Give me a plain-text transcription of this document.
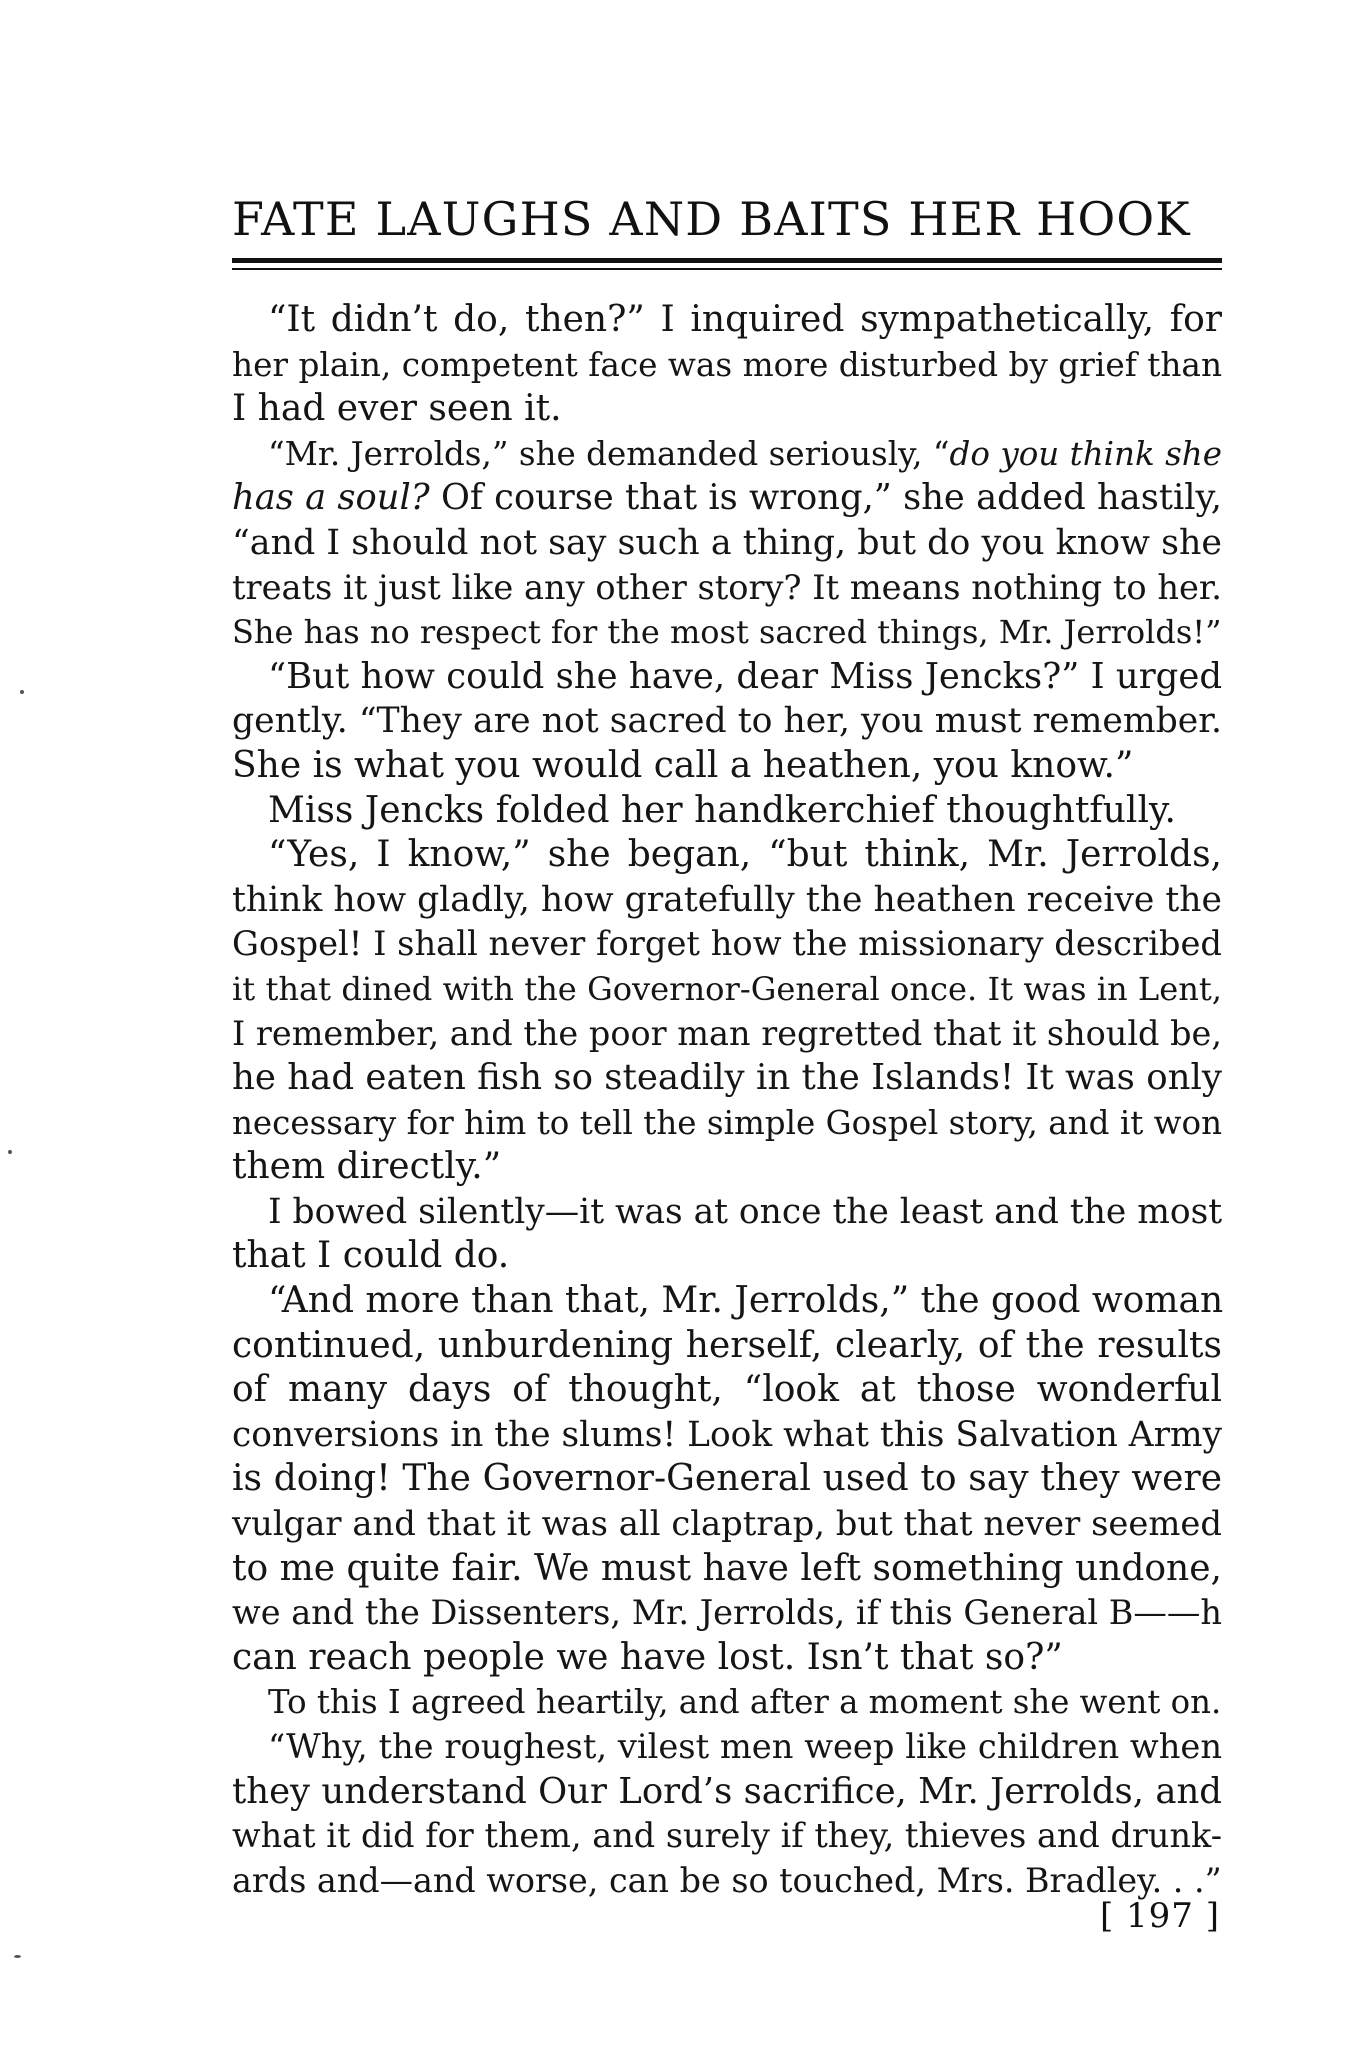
FATE LAUGHS AND BAITS HER HOOK

“It didn’t do, then?” I inquired sympathetically, for
her plain, competent face was more disturbed by grief than
I had ever seen it.

“Mr. Jerrolds,” she demanded seriously, “do you think she
has a soul? Of course that is wrong,” she added hastily,
“and I should not say such a thing, but do you know she
treats it just like any other story? It means nothing to her.
She has no respect for the most sacred things, Mr. Jerrolds!”

“But how could she have, dear Miss Jencks?” I urged
gently. “They are not sacred to her, you must remember.
She is what you would call a heathen, you know.”

Miss Jencks folded her handkerchief thoughtfully.

“Yes, I know,” she began, “but think, Mr. Jerrolds,
think how gladly, how gratefully the heathen receive the
Gospel! I shall never forget how the missionary described
it that dined with the Governor-General once. It was in Lent,
I remember, and the poor man regretted that it should be,
he had eaten fish so steadily in the Islands! It was only
necessary for him to tell the simple Gospel story, and it won
them directly.”

I bowed silently—it was at once the least and the most
that I could do.

“And more than that, Mr. Jerrolds,” the good woman
continued, unburdening herself, clearly, of the results
of many days of thought, “look at those wonderful
conversions in the slums! Look what this Salvation Army
is doing! The Governor-General used to say they were
vulgar and that it was all claptrap, but that never seemed
to me quite fair. We must have left something undone,
we and the Dissenters, Mr. Jerrolds, if this General B——h
can reach people we have lost. Isn’t that so?”

To this I agreed heartily, and after a moment she went on.

“Why, the roughest, vilest men weep like children when
they understand Our Lord’s sacrifice, Mr. Jerrolds, and
what it did for them, and surely if they, thieves and drunk-
ards and—and worse, can be so touched, Mrs. Bradley. . .”

[ 197 ]
